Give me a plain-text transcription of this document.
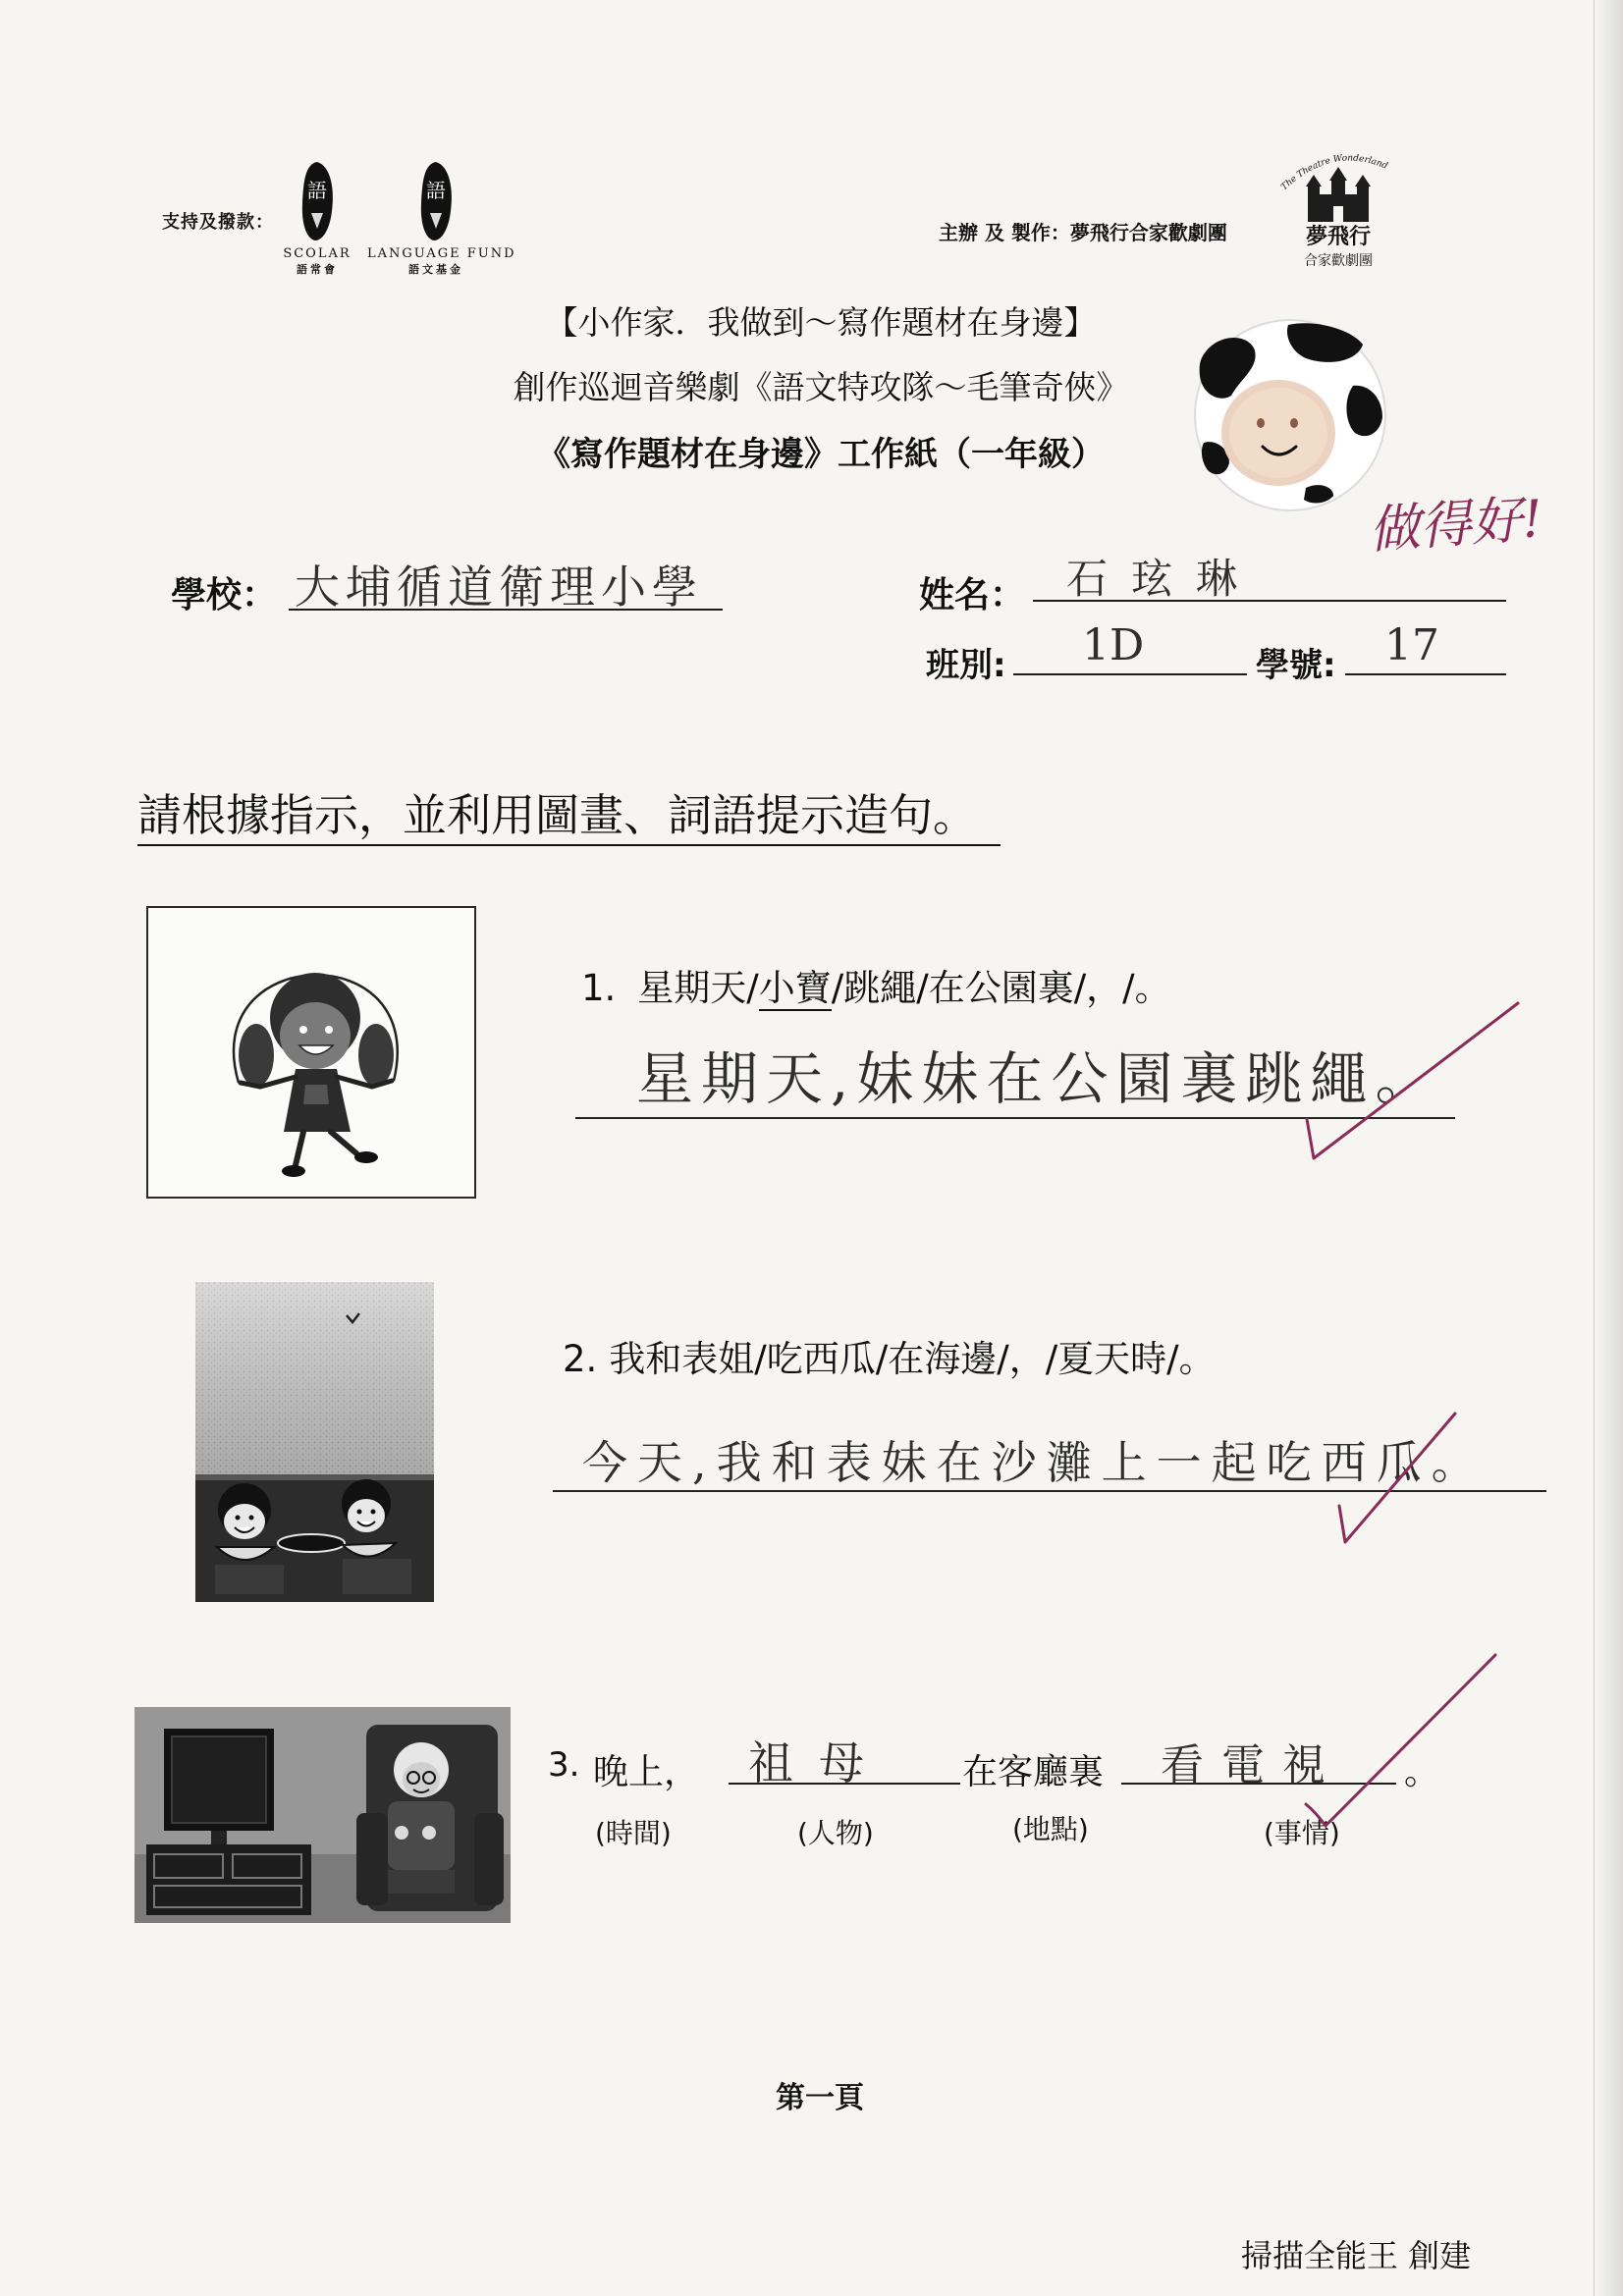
支持及撥款：
語
SCOLAR
語常會
語
LANGUAGE FUND
語文基金
主辦 及 製作：夢飛行合家歡劇團
The Theatre Wonderland
夢飛行
合家歡劇團
【小作家．我做到～寫作題材在身邊】
創作巡迴音樂劇《語文特攻隊～毛筆奇俠》
《寫作題材在身邊》工作紙（一年級）
做得好!
學校： 大埔循道衛理小學	姓名： 石玹琳
班別: 1D	學號: 17
請根據指示，並利用圖畫、詞語提示造句。
1. 星期天/小寶/跳繩/在公園裏/，/。
星期天,妹妹在公園裏跳繩。
2. 我和表姐/吃西瓜/在海邊/，/夏天時/。
今天,我和表妹在沙灘上一起吃西瓜。
3. 晚上， 祖母 在客廳裏 看電視 。
(時間)	(人物)	(地點)	(事情)
第一頁
掃描全能王 創建
